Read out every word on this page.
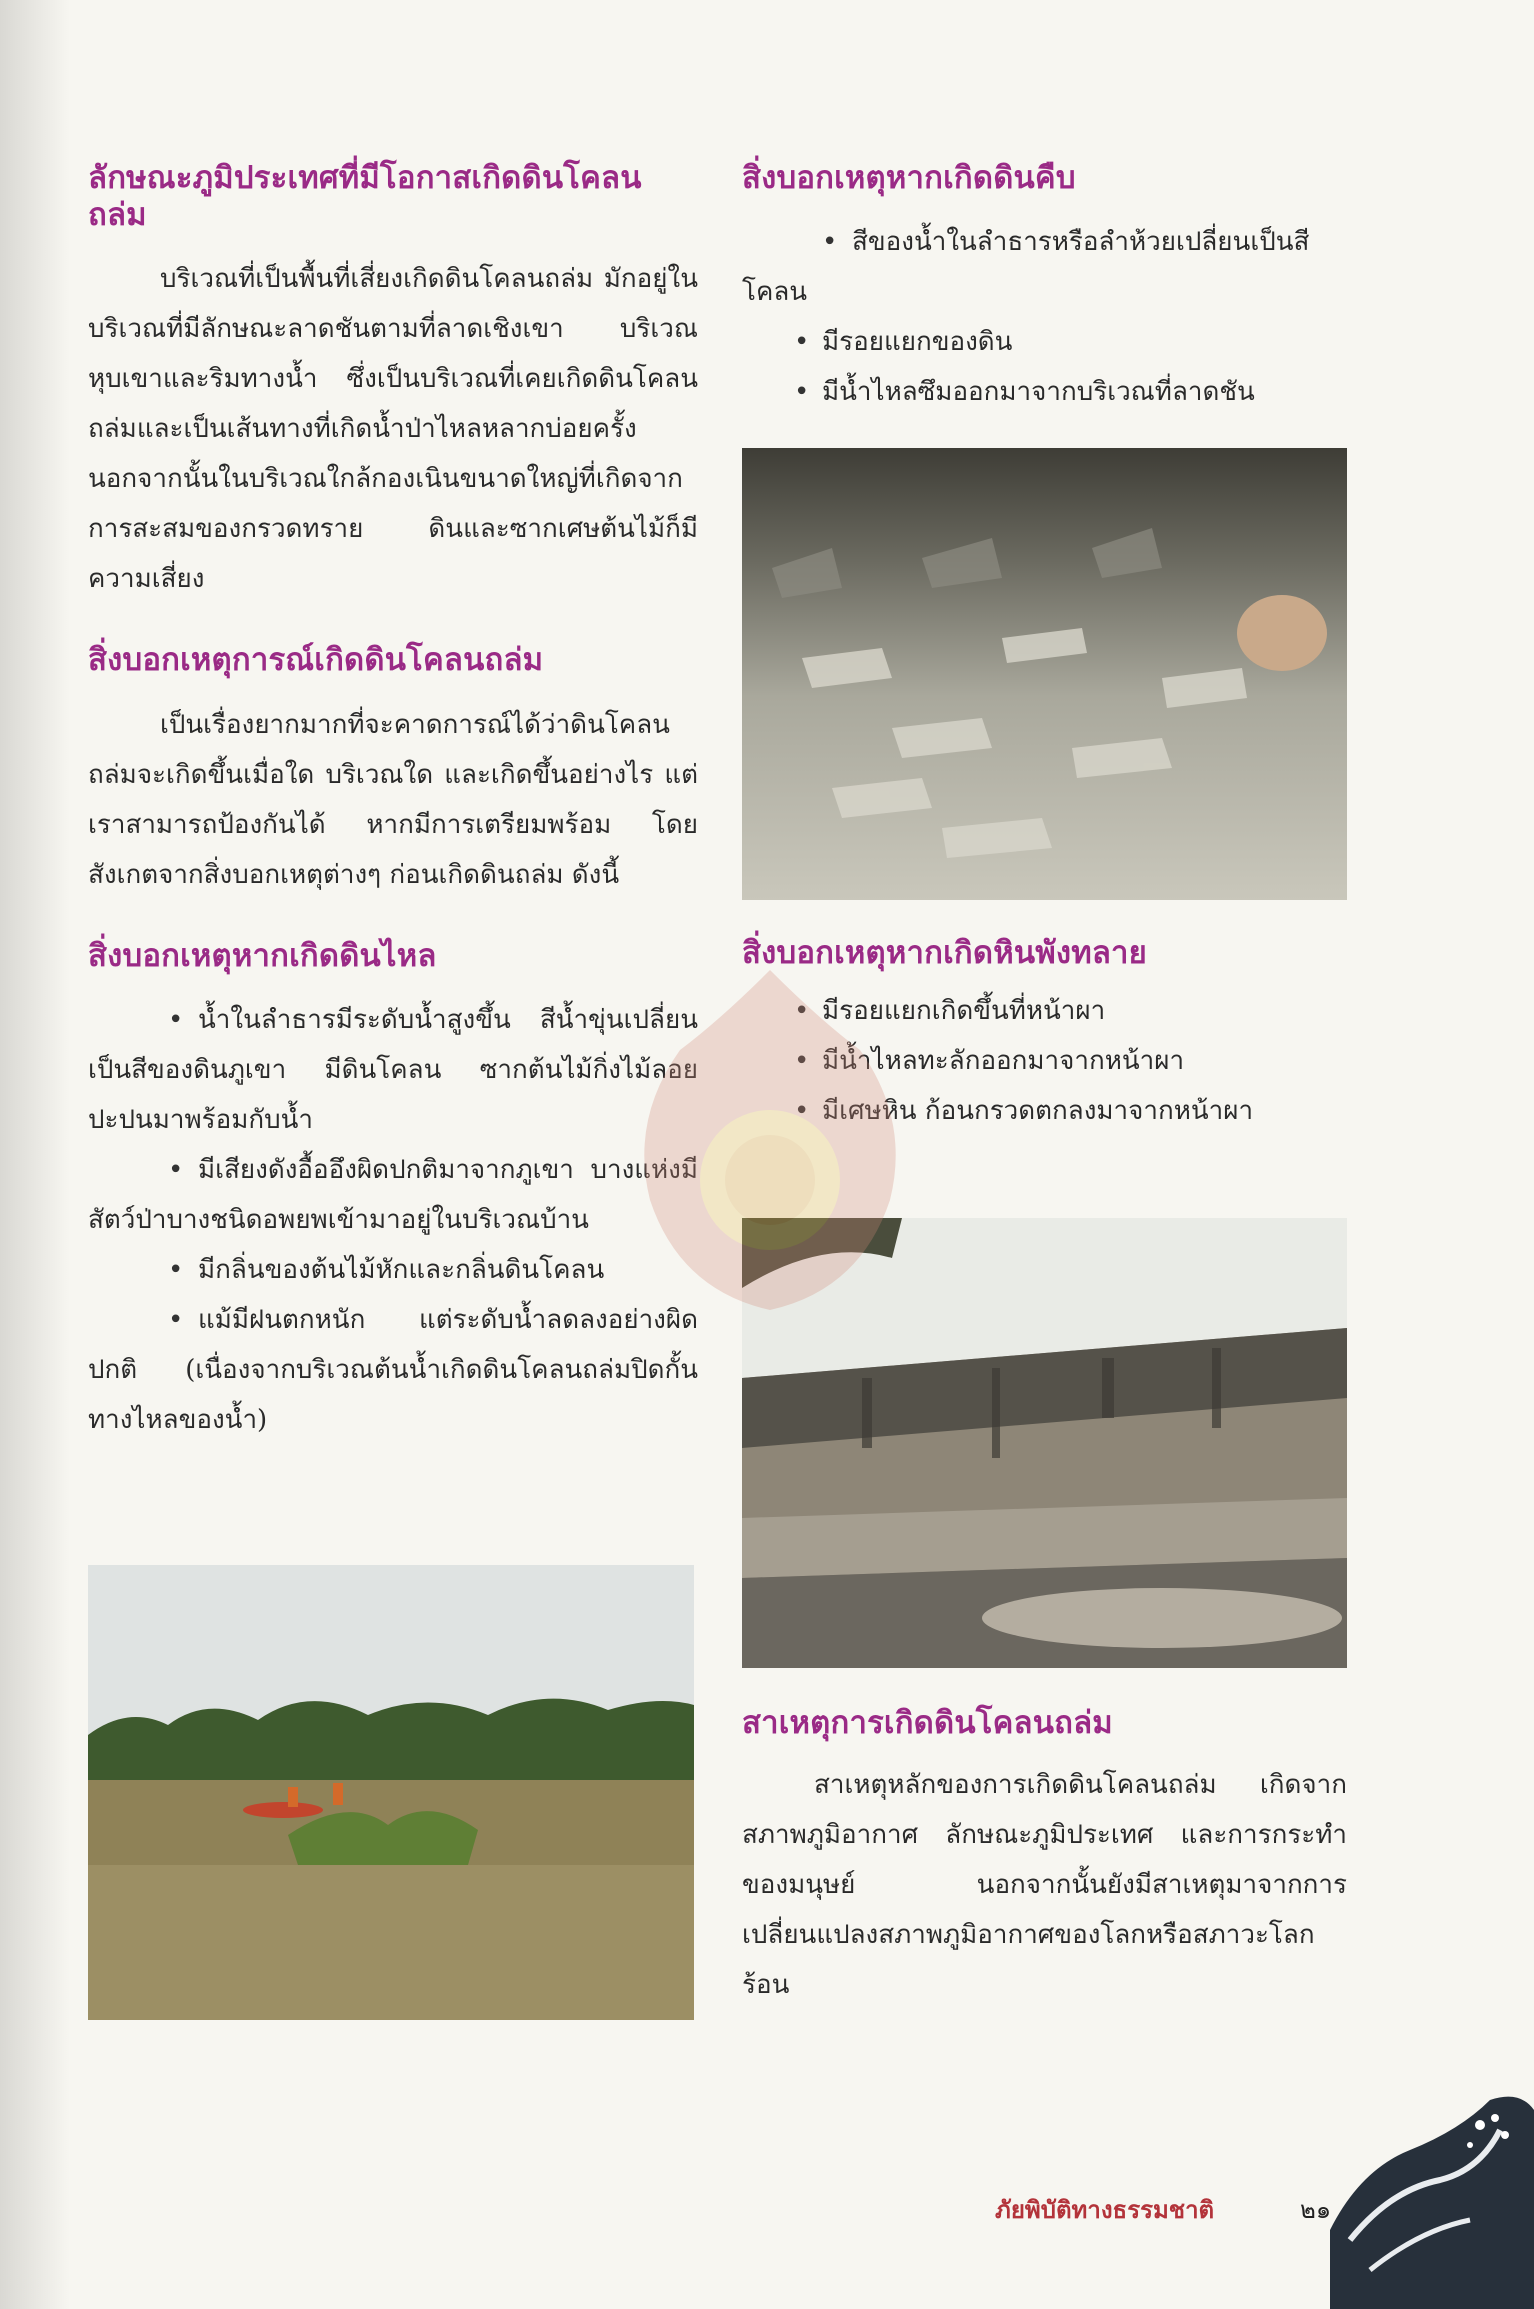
ลักษณะภูมิประเทศที่มีโอกาสเกิดดินโคลนถล่ม

บริเวณที่เป็นพื้นที่เสี่ยงเกิดดินโคลนถล่ม มักอยู่ในบริเวณที่มีลักษณะลาดชันตามที่ลาดเชิงเขา บริเวณหุบเขาและริมทางน้ำ ซึ่งเป็นบริเวณที่เคยเกิดดินโคลนถล่มและเป็นเส้นทางที่เกิดน้ำป่าไหลหลากบ่อยครั้ง นอกจากนั้นในบริเวณใกล้กองเนินขนาดใหญ่ที่เกิดจากการสะสมของกรวดทราย ดินและซากเศษต้นไม้ก็มีความเสี่ยง

สิ่งบอกเหตุการณ์เกิดดินโคลนถล่ม

เป็นเรื่องยากมากที่จะคาดการณ์ได้ว่าดินโคลนถล่มจะเกิดขึ้นเมื่อใด บริเวณใด และเกิดขึ้นอย่างไร แต่เราสามารถป้องกันได้ หากมีการเตรียมพร้อม โดยสังเกตจากสิ่งบอกเหตุต่างๆ ก่อนเกิดดินถล่ม ดังนี้

สิ่งบอกเหตุหากเกิดดินไหล
• น้ำในลำธารมีระดับน้ำสูงขึ้น สีน้ำขุ่นเปลี่ยนเป็นสีของดินภูเขา มีดินโคลน ซากต้นไม้กิ่งไม้ลอยปะปนมาพร้อมกับน้ำ
• มีเสียงดังอื้ออึงผิดปกติมาจากภูเขา บางแห่งมีสัตว์ป่าบางชนิดอพยพเข้ามาอยู่ในบริเวณบ้าน
• มีกลิ่นของต้นไม้หักและกลิ่นดินโคลน
• แม้มีฝนตกหนัก แต่ระดับน้ำลดลงอย่างผิดปกติ (เนื่องจากบริเวณต้นน้ำเกิดดินโคลนถล่มปิดกั้นทางไหลของน้ำ)
สิ่งบอกเหตุหากเกิดดินคืบ
• สีของน้ำในลำธารหรือลำห้วยเปลี่ยนเป็นสีโคลน
• มีรอยแยกของดิน
• มีน้ำไหลซึมออกมาจากบริเวณที่ลาดชัน
สิ่งบอกเหตุหากเกิดหินพังทลาย
• มีรอยแยกเกิดขึ้นที่หน้าผา
• มีน้ำไหลทะลักออกมาจากหน้าผา
• มีเศษหิน ก้อนกรวดตกลงมาจากหน้าผา
สาเหตุการเกิดดินโคลนถล่ม

สาเหตุหลักของการเกิดดินโคลนถล่ม เกิดจากสภาพภูมิอากาศ ลักษณะภูมิประเทศ และการกระทำของมนุษย์ นอกจากนั้นยังมีสาเหตุมาจากการเปลี่ยนแปลงสภาพภูมิอากาศของโลกหรือสภาวะโลกร้อน

ภัยพิบัติทางธรรมชาติ	๒๑
